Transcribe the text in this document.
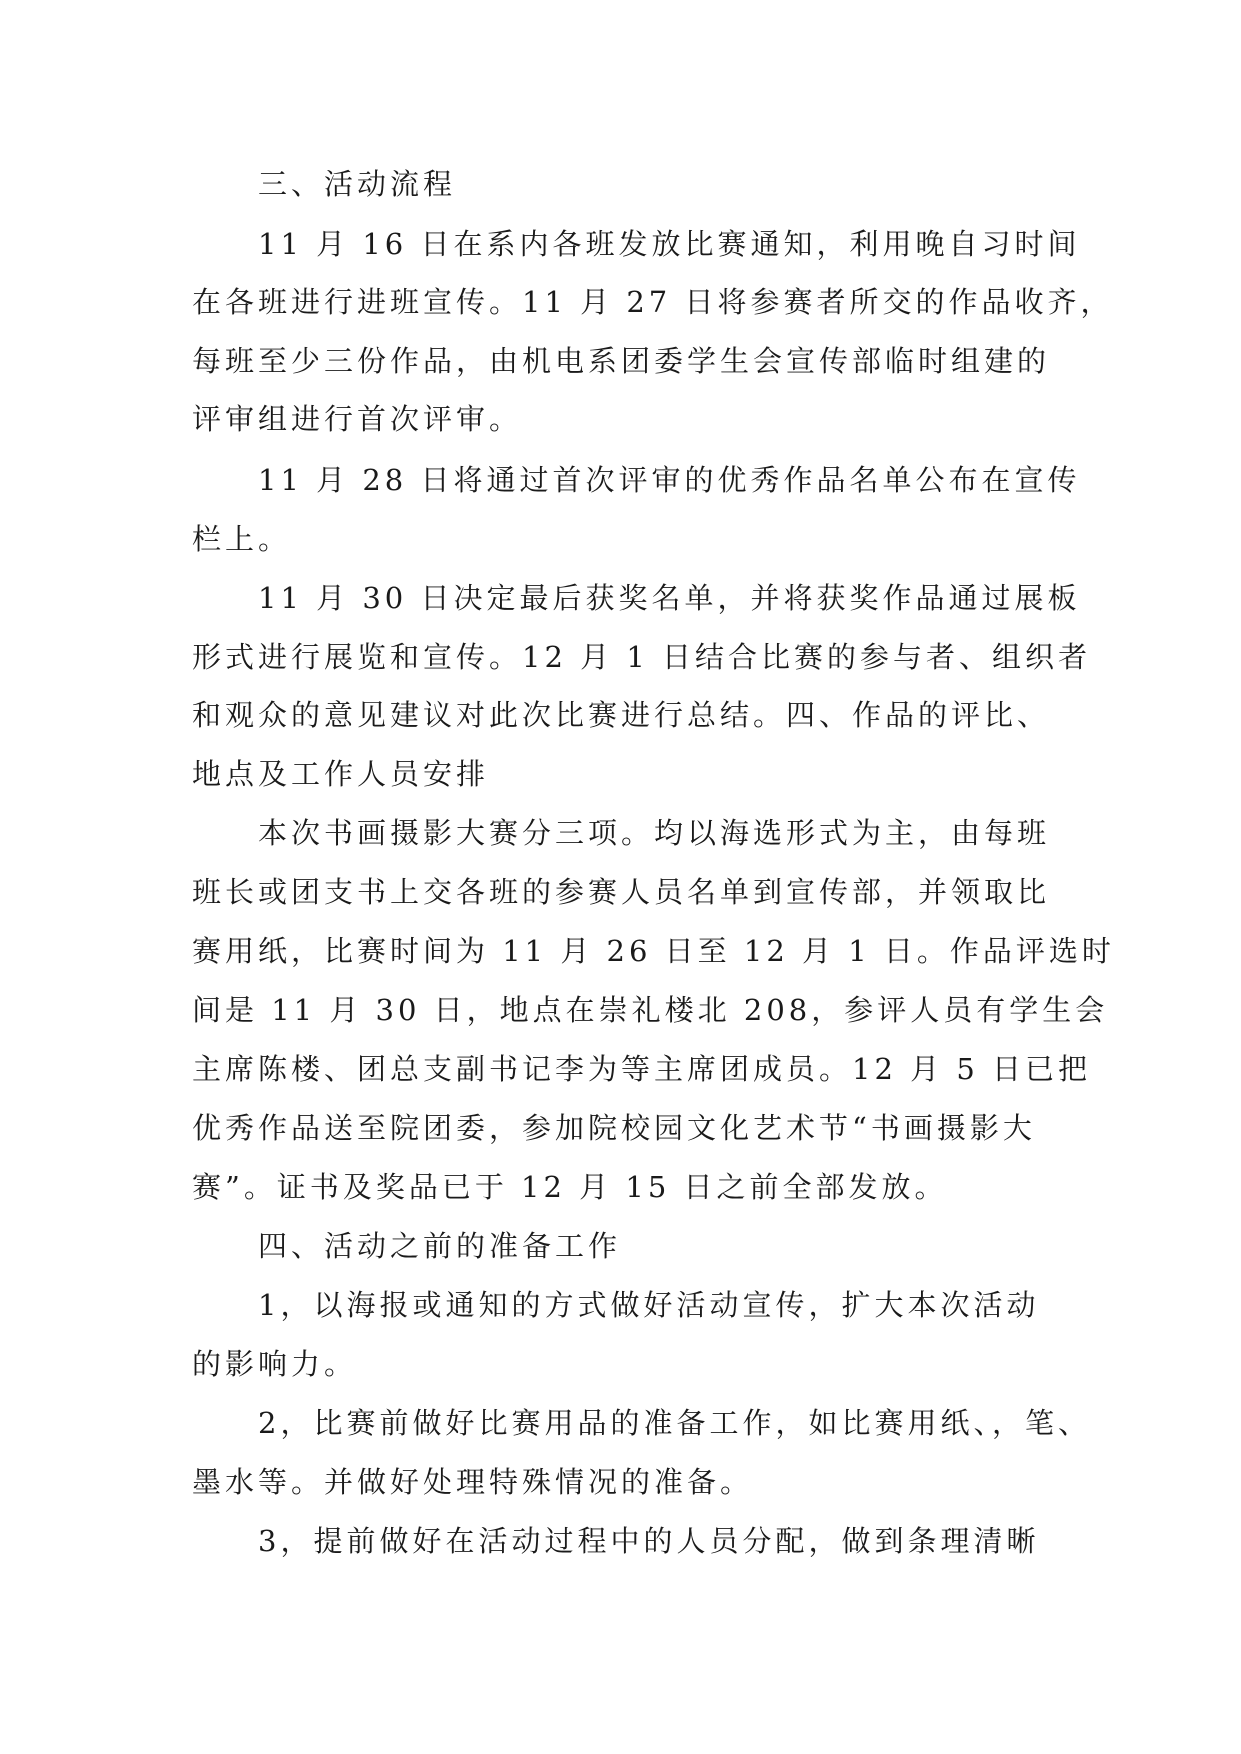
三、活动流程
11 月 16 日在系内各班发放比赛通知，利用晚自习时间
在各班进行进班宣传。11 月 27 日将参赛者所交的作品收齐，
每班至少三份作品，由机电系团委学生会宣传部临时组建的
评审组进行首次评审。
11 月 28 日将通过首次评审的优秀作品名单公布在宣传
栏上。
11 月 30 日决定最后获奖名单，并将获奖作品通过展板
形式进行展览和宣传。12 月 1 日结合比赛的参与者、组织者
和观众的意见建议对此次比赛进行总结。四、作品的评比、
地点及工作人员安排
本次书画摄影大赛分三项。均以海选形式为主，由每班
班长或团支书上交各班的参赛人员名单到宣传部，并领取比
赛用纸，比赛时间为 11 月 26 日至 12 月 1 日。作品评选时
间是 11 月 30 日，地点在崇礼楼北 208，参评人员有学生会
主席陈楼、团总支副书记李为等主席团成员。12 月 5 日已把
优秀作品送至院团委，参加院校园文化艺术节“书画摄影大
赛”。证书及奖品已于 12 月 15 日之前全部发放。
四、活动之前的准备工作
1，以海报或通知的方式做好活动宣传，扩大本次活动
的影响力。
2，比赛前做好比赛用品的准备工作，如比赛用纸、，笔、
墨水等。并做好处理特殊情况的准备。
3，提前做好在活动过程中的人员分配，做到条理清晰
